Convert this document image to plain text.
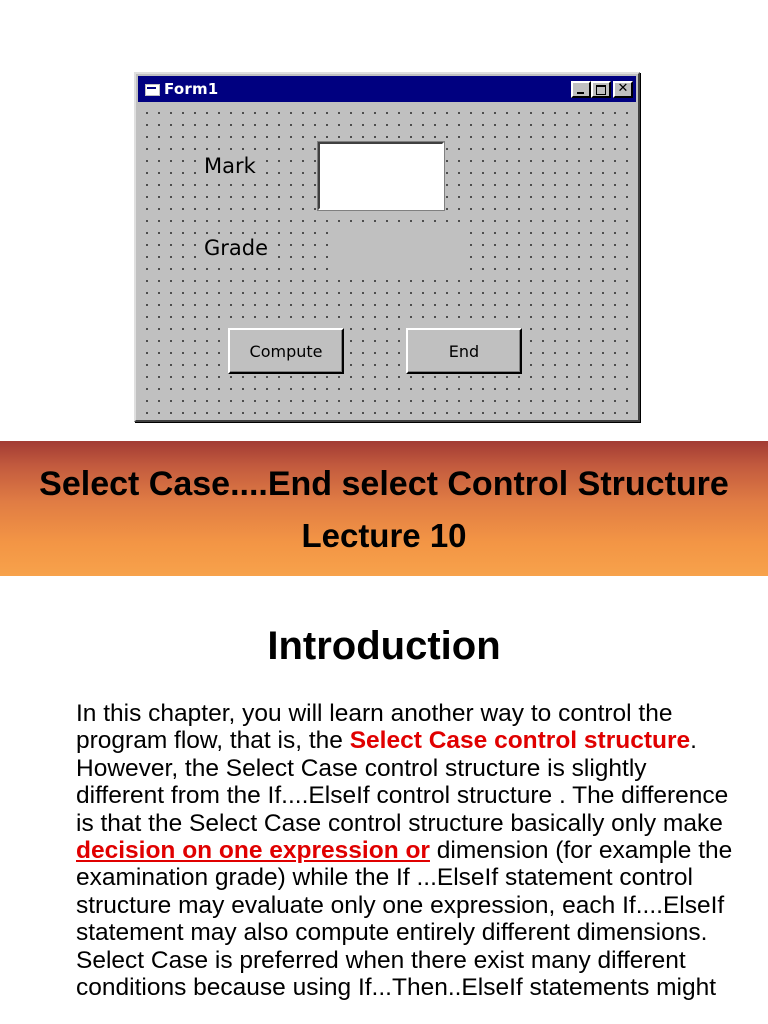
Form1	✕
Mark
Grade
Compute	End
Select Case....End select Control Structure
Lecture 10
Introduction
In this chapter, you will learn another way to control the program flow, that is, the Select Case control structure. However, the Select Case control structure is slightly different from the If....ElseIf control structure . The difference is that the Select Case control structure basically only make decision on one expression or dimension (for example the examination grade) while the If ...ElseIf statement control structure may evaluate only one expression, each If....ElseIf statement may also compute entirely different dimensions. Select Case is preferred when there exist many different conditions because using If...Then..ElseIf statements might
